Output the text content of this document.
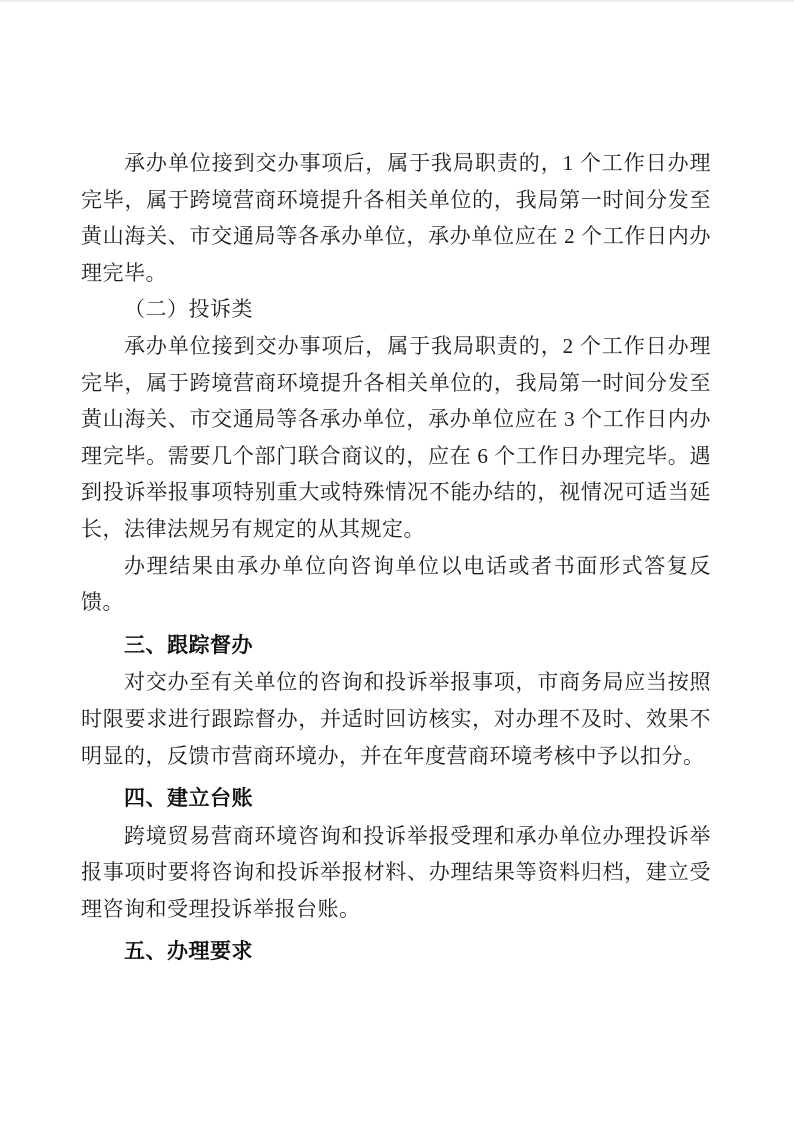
承办单位接到交办事项后，属于我局职责的，1 个工作日办理完毕，属于跨境营商环境提升各相关单位的，我局第一时间分发至黄山海关、市交通局等各承办单位，承办单位应在 2 个工作日内办理完毕。

（二）投诉类

承办单位接到交办事项后，属于我局职责的，2 个工作日办理完毕，属于跨境营商环境提升各相关单位的，我局第一时间分发至黄山海关、市交通局等各承办单位，承办单位应在 3 个工作日内办理完毕。需要几个部门联合商议的，应在 6 个工作日办理完毕。遇到投诉举报事项特别重大或特殊情况不能办结的，视情况可适当延长，法律法规另有规定的从其规定。

办理结果由承办单位向咨询单位以电话或者书面形式答复反馈。

三、跟踪督办

对交办至有关单位的咨询和投诉举报事项，市商务局应当按照时限要求进行跟踪督办，并适时回访核实，对办理不及时、效果不明显的，反馈市营商环境办，并在年度营商环境考核中予以扣分。

四、建立台账

跨境贸易营商环境咨询和投诉举报受理和承办单位办理投诉举报事项时要将咨询和投诉举报材料、办理结果等资料归档，建立受理咨询和受理投诉举报台账。

五、办理要求
